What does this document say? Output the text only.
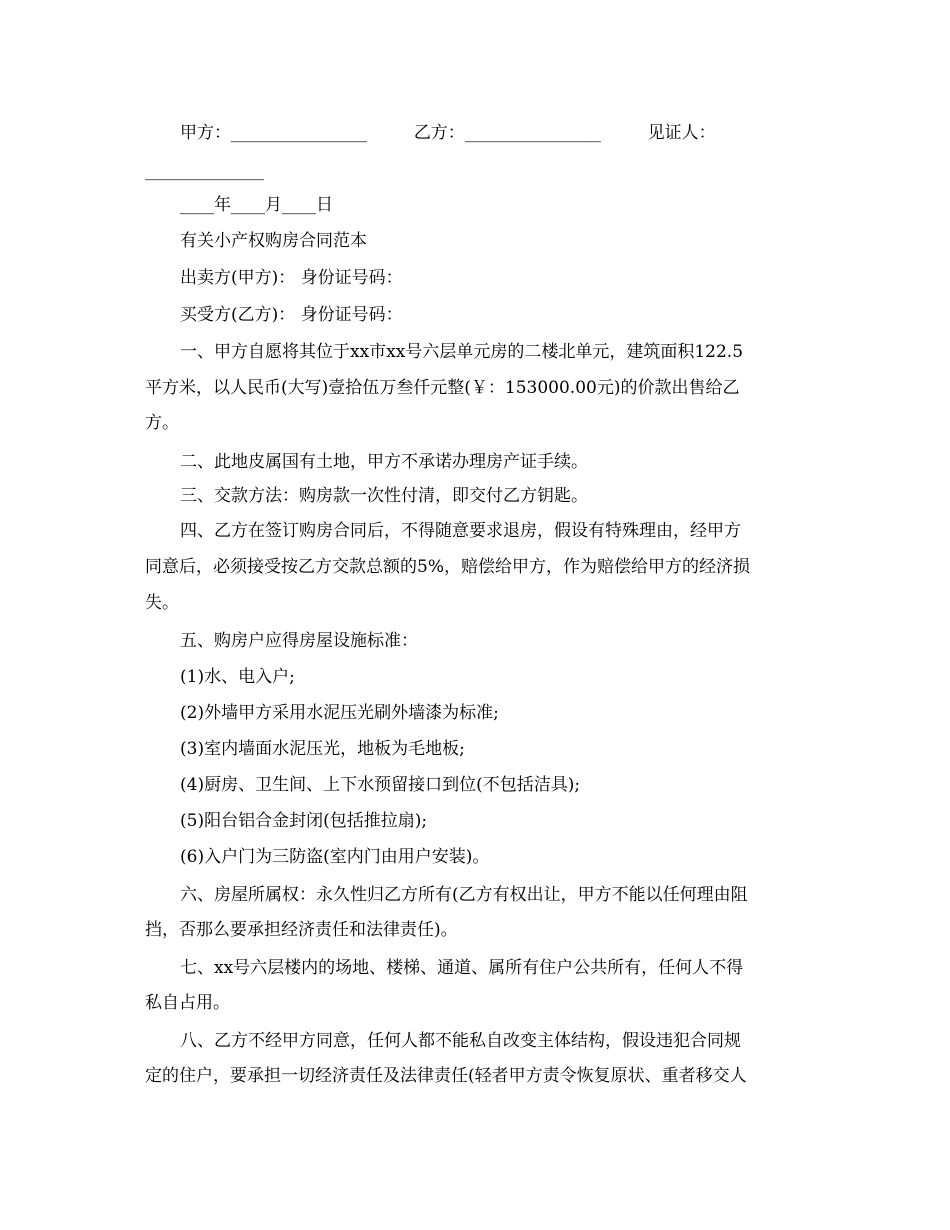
甲方：________________	乙方：________________	见证人：
______________
____年____月____日
有关小产权购房合同范本
出卖方(甲方)： 身份证号码：
买受方(乙方)： 身份证号码：
一、甲方自愿将其位于xx市xx号六层单元房的二楼北单元，建筑面积122.5
平方米，以人民币(大写)壹拾伍万叁仟元整(￥：153000.00元)的价款出售给乙
方。
二、此地皮属国有土地，甲方不承诺办理房产证手续。
三、交款方法：购房款一次性付清，即交付乙方钥匙。
四、乙方在签订购房合同后，不得随意要求退房，假设有特殊理由，经甲方
同意后，必须接受按乙方交款总额的5%，赔偿给甲方，作为赔偿给甲方的经济损
失。
五、购房户应得房屋设施标准：
(1)水、电入户;
(2)外墙甲方采用水泥压光刷外墙漆为标准;
(3)室内墙面水泥压光，地板为毛地板;
(4)厨房、卫生间、上下水预留接口到位(不包括洁具);
(5)阳台铝合金封闭(包括推拉扇);
(6)入户门为三防盗(室内门由用户安装)。
六、房屋所属权：永久性归乙方所有(乙方有权出让，甲方不能以任何理由阻
挡，否那么要承担经济责任和法律责任)。
七、xx号六层楼内的场地、楼梯、通道、属所有住户公共所有，任何人不得
私自占用。
八、乙方不经甲方同意，任何人都不能私自改变主体结构，假设违犯合同规
定的住户，要承担一切经济责任及法律责任(轻者甲方责令恢复原状、重者移交人
